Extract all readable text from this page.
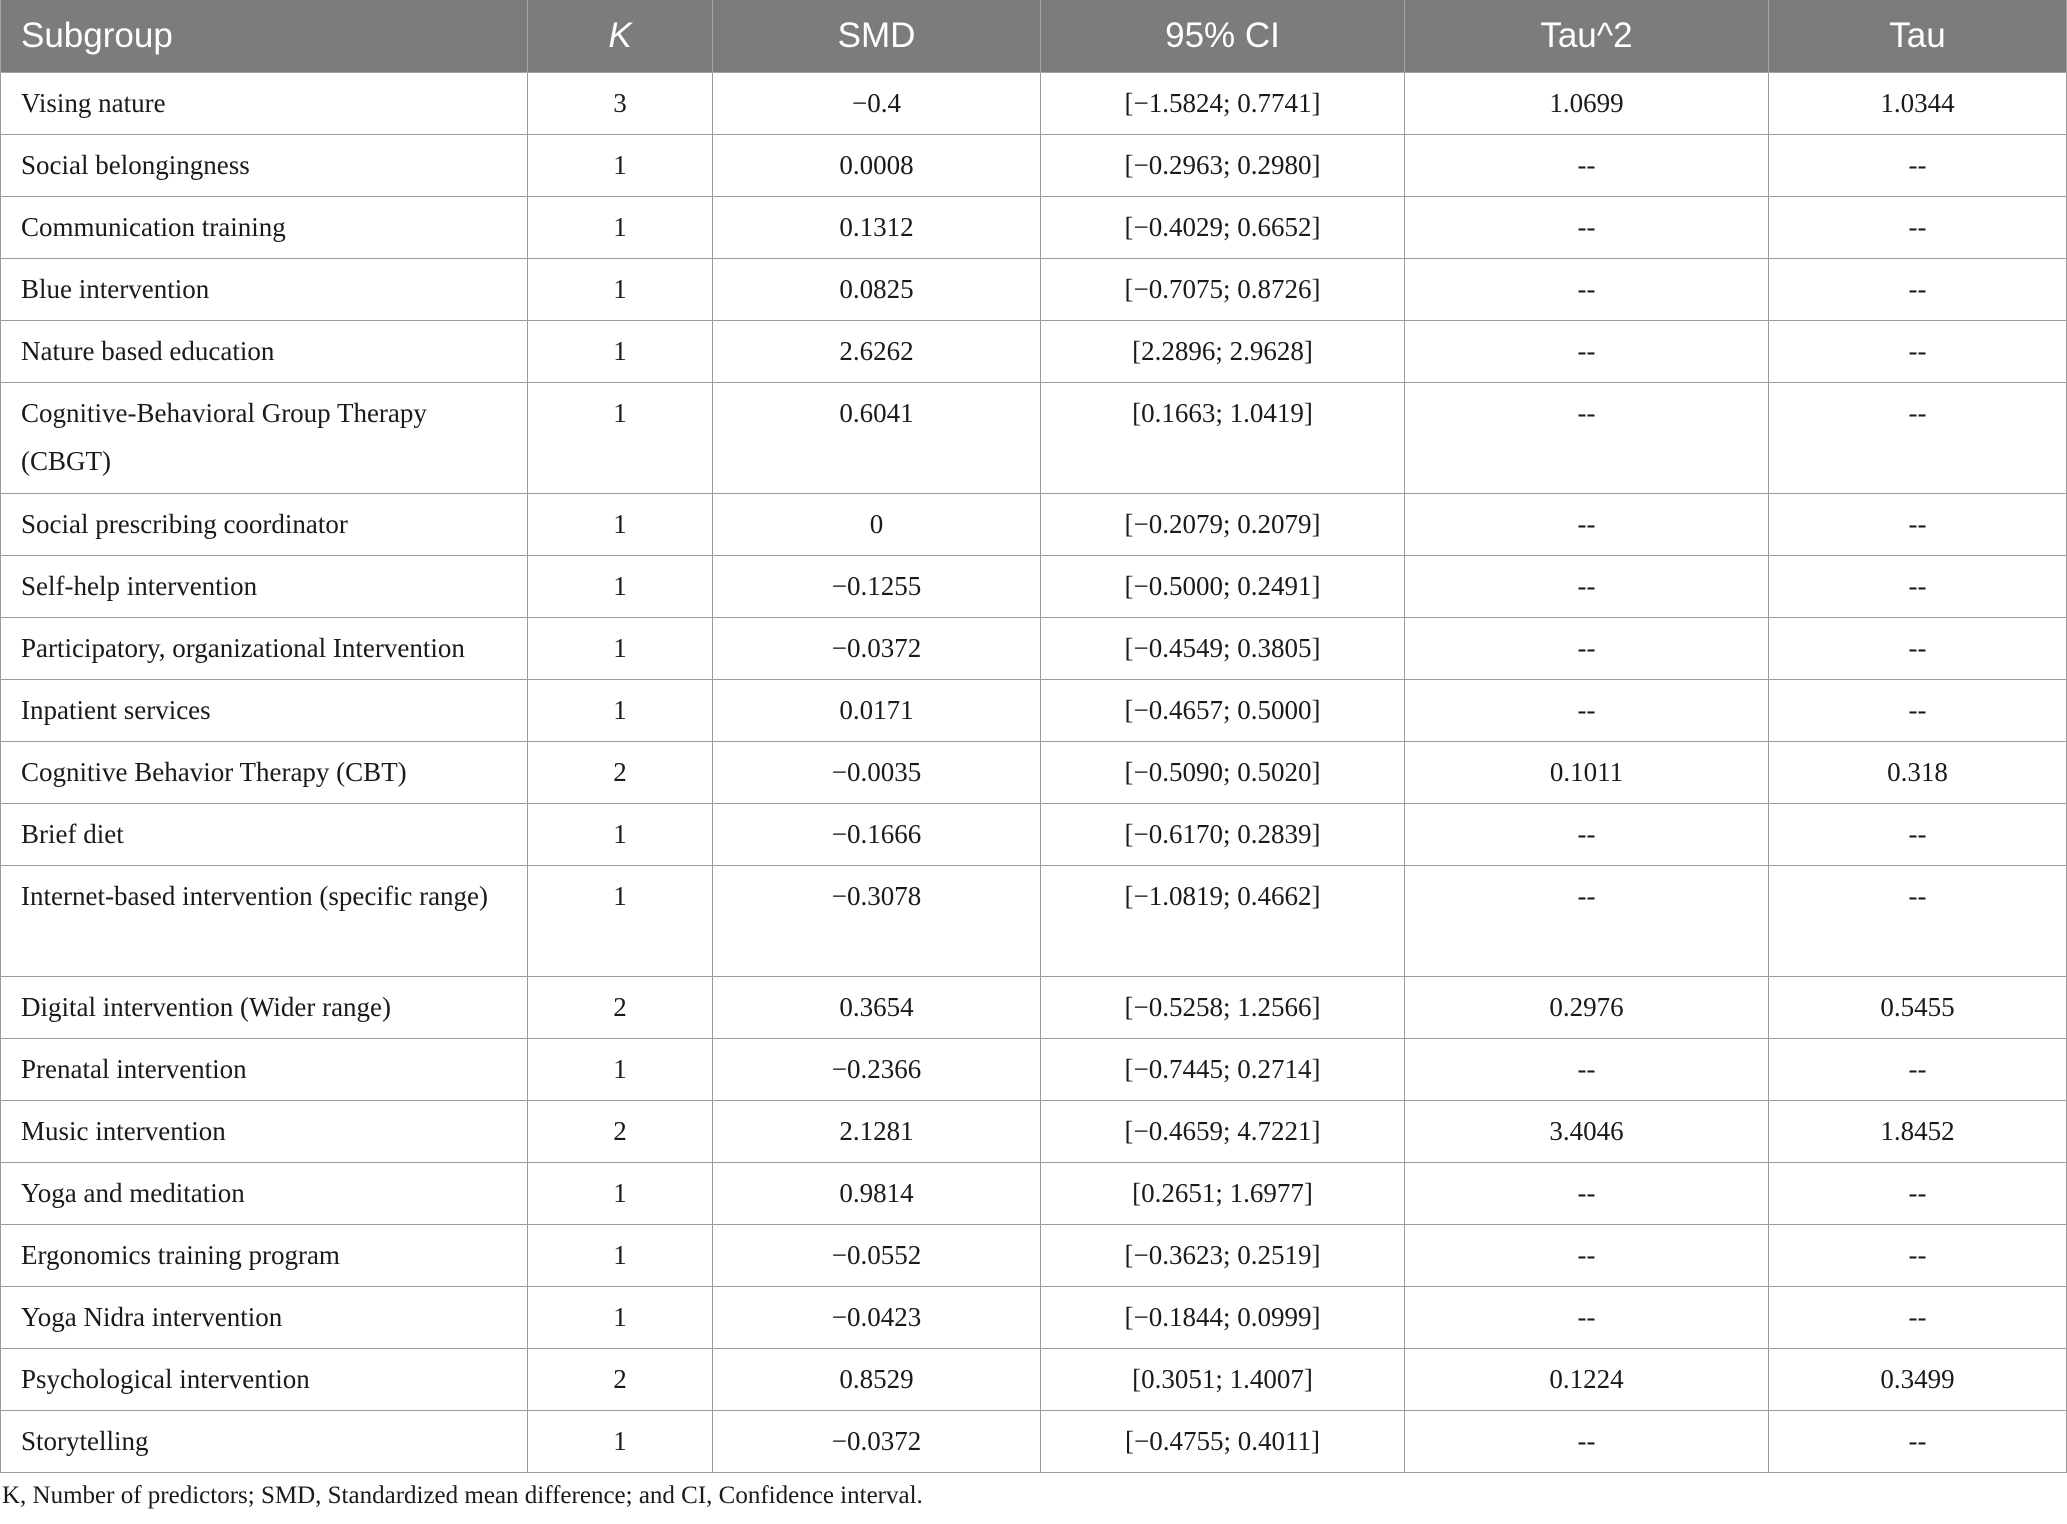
Subgroup	K	SMD	95% CI	Tau^2	Tau
Vising nature	3	−0.4	[−1.5824; 0.7741]	1.0699	1.0344
Social belongingness	1	0.0008	[−0.2963; 0.2980]	--	--
Communication training	1	0.1312	[−0.4029; 0.6652]	--	--
Blue intervention	1	0.0825	[−0.7075; 0.8726]	--	--
Nature based education	1	2.6262	[2.2896; 2.9628]	--	--
Cognitive-Behavioral Group Therapy (CBGT)	1	0.6041	[0.1663; 1.0419]	--	--
Social prescribing coordinator	1	0	[−0.2079; 0.2079]	--	--
Self-help intervention	1	−0.1255	[−0.5000; 0.2491]	--	--
Participatory, organizational Intervention	1	−0.0372	[−0.4549; 0.3805]	--	--
Inpatient services	1	0.0171	[−0.4657; 0.5000]	--	--
Cognitive Behavior Therapy (CBT)	2	−0.0035	[−0.5090; 0.5020]	0.1011	0.318
Brief diet	1	−0.1666	[−0.6170; 0.2839]	--	--
Internet-based intervention (specific range)	1	−0.3078	[−1.0819; 0.4662]	--	--
Digital intervention (Wider range)	2	0.3654	[−0.5258; 1.2566]	0.2976	0.5455
Prenatal intervention	1	−0.2366	[−0.7445; 0.2714]	--	--
Music intervention	2	2.1281	[−0.4659; 4.7221]	3.4046	1.8452
Yoga and meditation	1	0.9814	[0.2651; 1.6977]	--	--
Ergonomics training program	1	−0.0552	[−0.3623; 0.2519]	--	--
Yoga Nidra intervention	1	−0.0423	[−0.1844; 0.0999]	--	--
Psychological intervention	2	0.8529	[0.3051; 1.4007]	0.1224	0.3499
Storytelling	1	−0.0372	[−0.4755; 0.4011]	--	--
K, Number of predictors; SMD, Standardized mean difference; and CI, Confidence interval.
